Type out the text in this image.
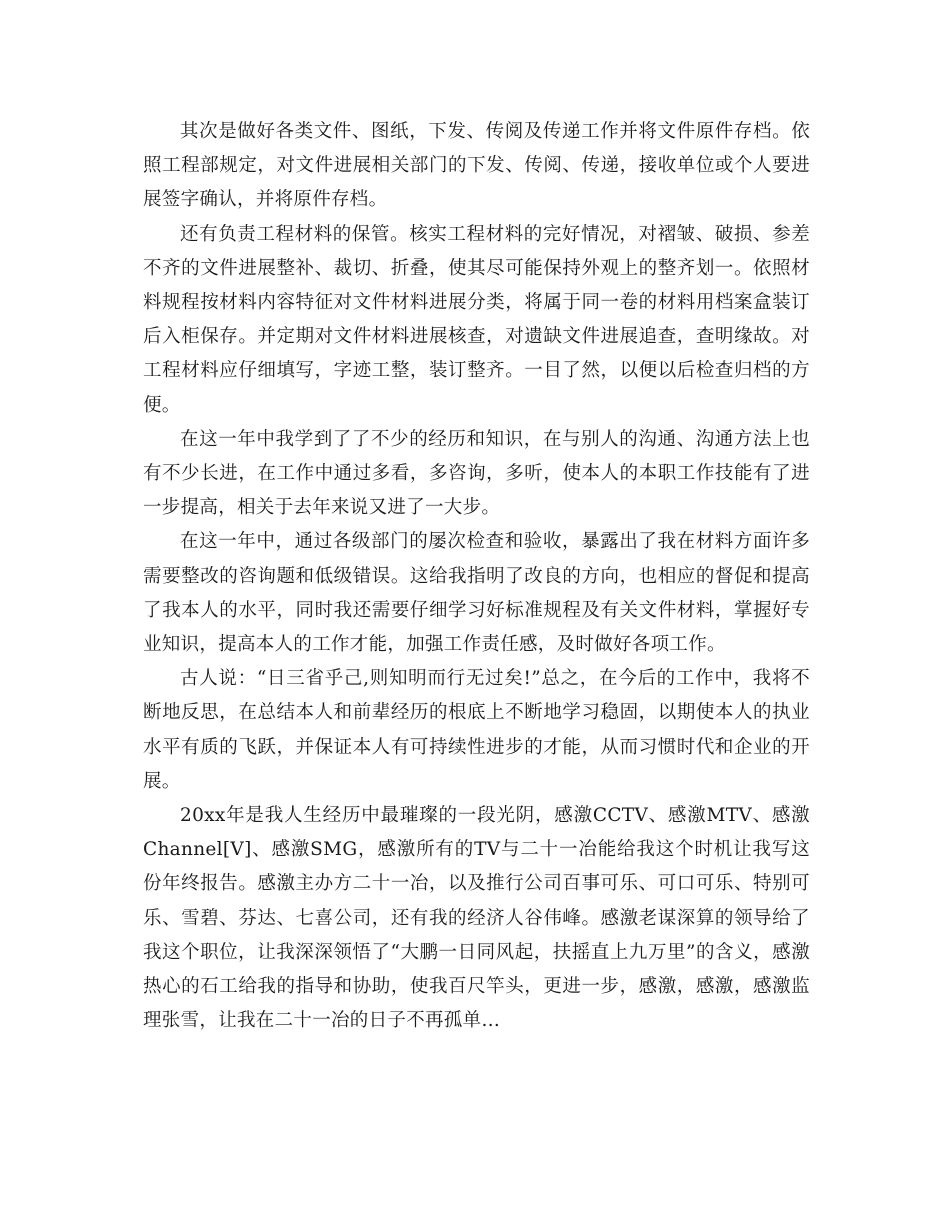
其次是做好各类文件、图纸，下发、传阅及传递工作并将文件原件存档。依照工程部规定，对文件进展相关部门的下发、传阅、传递，接收单位或个人要进展签字确认，并将原件存档。

还有负责工程材料的保管。核实工程材料的完好情况，对褶皱、破损、参差不齐的文件进展整补、裁切、折叠，使其尽可能保持外观上的整齐划一。依照材料规程按材料内容特征对文件材料进展分类，将属于同一卷的材料用档案盒装订后入柜保存。并定期对文件材料进展核查，对遗缺文件进展追查，查明缘故。对工程材料应仔细填写，字迹工整，装订整齐。一目了然，以便以后检查归档的方便。

在这一年中我学到了了不少的经历和知识，在与别人的沟通、沟通方法上也有不少长进，在工作中通过多看，多咨询，多听，使本人的本职工作技能有了进一步提高，相关于去年来说又进了一大步。

在这一年中，通过各级部门的屡次检查和验收，暴露出了我在材料方面许多需要整改的咨询题和低级错误。这给我指明了改良的方向，也相应的督促和提高了我本人的水平，同时我还需要仔细学习好标准规程及有关文件材料，掌握好专业知识，提高本人的工作才能，加强工作责任感，及时做好各项工作。

古人说：“日三省乎己,则知明而行无过矣!”总之，在今后的工作中，我将不断地反思，在总结本人和前辈经历的根底上不断地学习稳固，以期使本人的执业水平有质的飞跃，并保证本人有可持续性进步的才能，从而习惯时代和企业的开展。

20xx年是我人生经历中最璀璨的一段光阴，感激CCTV、感激MTV、感激Channel[V]、感激SMG，感激所有的TV与二十一冶能给我这个时机让我写这份年终报告。感激主办方二十一冶，以及推行公司百事可乐、可口可乐、特别可乐、雪碧、芬达、七喜公司，还有我的经济人谷伟峰。感激老谋深算的领导给了我这个职位，让我深深领悟了“大鹏一日同风起，扶摇直上九万里”的含义，感激热心的石工给我的指导和协助，使我百尺竿头，更进一步，感激，感激，感激监理张雪，让我在二十一冶的日子不再孤单…
